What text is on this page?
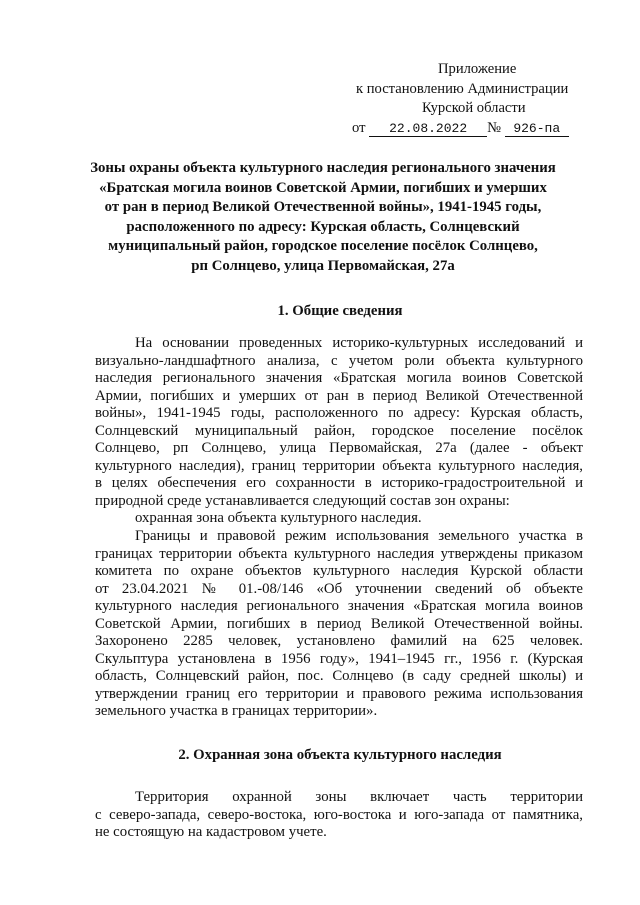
Приложение
к постановлению Администрации
Курской области
от 22.08.2022 № 926-па
Зоны охраны объекта культурного наследия регионального значения
«Братская могила воинов Советской Армии, погибших и умерших
от ран в период Великой Отечественной войны», 1941-1945 годы,
расположенного по адресу: Курская область, Солнцевский
муниципальный район, городское поселение посёлок Солнцево,
рп Солнцево, улица Первомайская, 27а
1. Общие сведения
На основании проведенных историко-культурных исследований и
визуально-ландшафтного анализа, с учетом роли объекта культурного
наследия регионального значения «Братская могила воинов Советской
Армии, погибших и умерших от ран в период Великой Отечественной
войны», 1941-1945 годы, расположенного по адресу: Курская область,
Солнцевский муниципальный район, городское поселение посёлок
Солнцево, рп Солнцево, улица Первомайская, 27а (далее - объект
культурного наследия), границ территории объекта культурного наследия,
в целях обеспечения его сохранности в историко-градостроительной и
природной среде устанавливается следующий состав зон охраны:
охранная зона объекта культурного наследия.
Границы и правовой режим использования земельного участка в
границах территории объекта культурного наследия утверждены приказом
комитета по охране объектов культурного наследия Курской области
от 23.04.2021 № 01.-08/146 «Об уточнении сведений об объекте
культурного наследия регионального значения «Братская могила воинов
Советской Армии, погибших в период Великой Отечественной войны.
Захоронено 2285 человек, установлено фамилий на 625 человек.
Скульптура установлена в 1956 году», 1941–1945 гг., 1956 г. (Курская
область, Солнцевский район, пос. Солнцево (в саду средней школы) и
утверждении границ его территории и правового режима использования
земельного участка в границах территории».
2. Охранная зона объекта культурного наследия
Территория охранной зоны включает часть территории
с северо-запада, северо-востока, юго-востока и юго-запада от памятника,
не состоящую на кадастровом учете.
